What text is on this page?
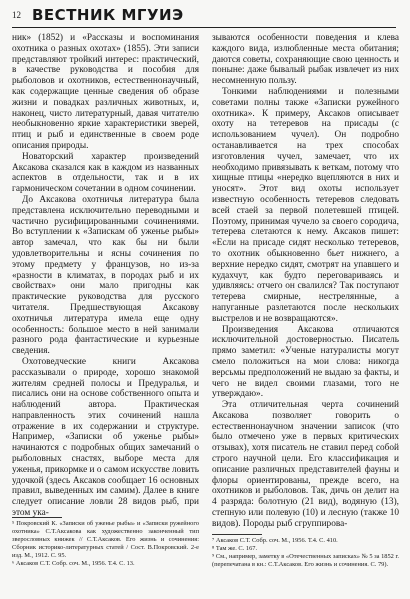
12 ВЕСТНИК МГУИЭ

ник» (1852) и «Рассказы и воспоминания охотника о разных охотах» (1855). Эти записи представляют тройкий интерес: практический, в качестве руководства и пособия для рыболовов и охотников, естественнонаучный, как содержащие ценные сведения об образе жизни и повадках различных животных, и, наконец, чисто литературный, давая читателю необыкновенно яркие характеристики зверей, птиц и рыб и единственные в своем роде описания природы.

Новаторский характер произведений Аксакова сказался как в каждом из названных аспектов в отдельности, так и в их гармоническом сочетании в одном сочинении.

До Аксакова охотничья литература была представлена исключительно переводными и частично русифицированными сочинениями. Во вступлении к «Запискам об уженье рыбы» автор замечал, что как бы ни были удовлетворительны и ясны сочинения по этому предмету у французов, но из-за «разности в климатах, в породах рыб и их свойствах» они мало пригодны как практические руководства для русского читателя. Предшествующая Аксакову охотничья литература имела еще одну особенность: большое место в ней занимали разного рода фантастические и курьезные сведения.

Охотоведческие книги Аксакова рассказывали о природе, хорошо знакомой жителям средней полосы и Предуралья, и писались они на основе собственного опыта и наблюдений автора. Практическая направленность этих сочинений нашла отражение в их содержании и структуре. Например, «Записки об уженье рыбы» начинаются с подробных общих замечаний о рыболовных снастях, выборе места для уженья, прикормке и о самом искусстве ловить удочкой (здесь Аксаков сообщает 16 основных правил, выведенных им самим). Далее в книге следует описание ловли 28 видов рыб, при этом ука-

зываются особенности поведения и клева каждого вида, излюбленные места обитания; даются советы, сохраняющие свою ценность и поныне: даже бывалый рыбак извлечет из них несомненную пользу.

Тонкими наблюдениями и полезными советами полны также «Записки ружейного охотника». К примеру, Аксаков описывает охоту на тетеревов на присады (с использованием чучел). Он подробно останавливается на трех способах изготовления чучел, замечает, что их необходимо привязывать к веткам, потому что хищные птицы «нередко вцепляются в них и уносят». Этот вид охоты использует известную особенность тетеревов следовать всей стаей за первой полетевшей птицей. Поэтому, принимая чучело за своего сородича, тетерева слетаются к нему. Аксаков пишет: «Если на присаде сидят несколько тетеревов, то охотник обыкновенно бьет нижнего, а верхние нередко сидят, смотрят на упавшего и кудахчут, как будто переговариваясь и удивляясь: отчего он свалился? Так поступают тетерева смирные, нестрелянные, а напуганные разлетаются после нескольких выстрелов и не возвращаются».

Произведения Аксакова отличаются исключительной достоверностью. Писатель прямо заметил: «Ученые натуралисты могут смело положиться на мои слова: никогда версьмы предположений не выдаю за факты, и чего не видел своими глазами, того не утверждаю».

Эта отличительная черта сочинений Аксакова позволяет говорить о естественнонаучном значении записок (что было отмечено уже в первых критических отзывах), хотя писатель не ставил перед собой строго научной цели. Его классификация и описание различных представителей фауны и флоры ориентированы, прежде всего, на охотников и рыболовов. Так, дичь он делит на 4 разряда: болотную (21 вид), водяную (13), степную или полевую (10) и лесную (также 10 видов). Породы рыб сгруппирова-

⁵ Покровский К. «Записки об уженье рыбы» и «Записки ружейного охотника» С.Т.Аксакова как художественно законченный тип зверословных книжек // С.Т.Аксаков. Его жизнь и сочинения: Сборник историко-литературных статей / Сост. В.Покровский. 2-е изд. М., 1912. С. 95.
⁶ Аксаков С.Т. Собр. соч. М., 1956. Т.4. С. 13.
⁷ Аксаков С.Т. Собр. соч. М., 1956. Т.4. С. 410.
⁸ Там же. С. 167.
⁹ См., например, заметку в «Отечественных записках» № 5 за 1852 г. (перепечатана в кн.: С.Т.Аксаков. Его жизнь и сочинения. С. 79).
